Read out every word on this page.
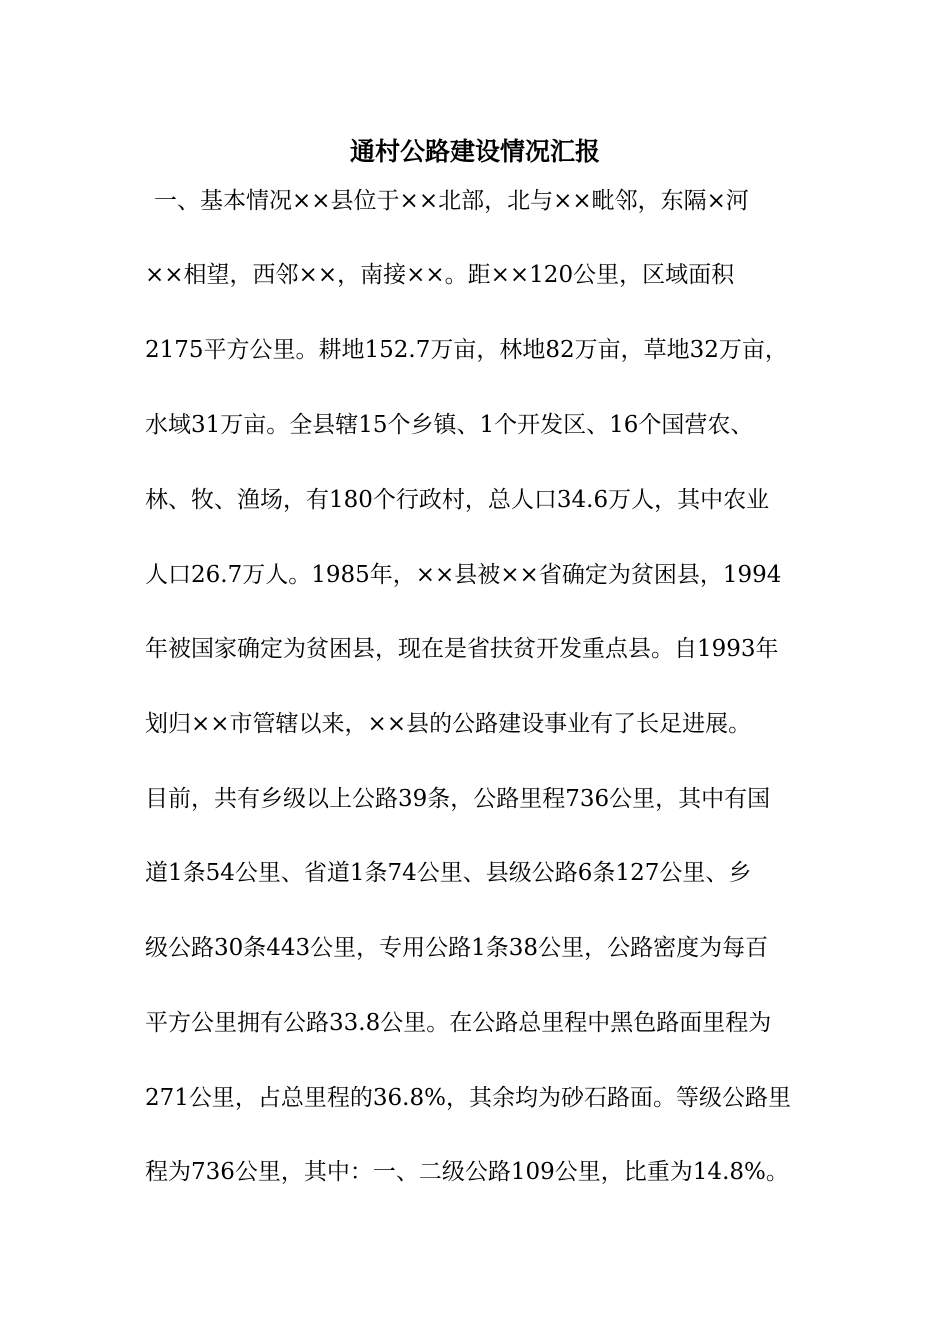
通村公路建设情况汇报
一、基本情况××县位于××北部，北与××毗邻，东隔×河
××相望，西邻××，南接××。距××120公里，区域面积
2175平方公里。耕地152.7万亩，林地82万亩，草地32万亩，
水域31万亩。全县辖15个乡镇、1个开发区、16个国营农、
林、牧、渔场，有180个行政村，总人口34.6万人，其中农业
人口26.7万人。1985年，××县被××省确定为贫困县，1994
年被国家确定为贫困县，现在是省扶贫开发重点县。自1993年
划归××市管辖以来，××县的公路建设事业有了长足进展。
目前，共有乡级以上公路39条，公路里程736公里，其中有国
道1条54公里、省道1条74公里、县级公路6条127公里、乡
级公路30条443公里，专用公路1条38公里，公路密度为每百
平方公里拥有公路33.8公里。在公路总里程中黑色路面里程为
271公里，占总里程的36.8%，其余均为砂石路面。等级公路里
程为736公里，其中：一、二级公路109公里，比重为14.8%。
